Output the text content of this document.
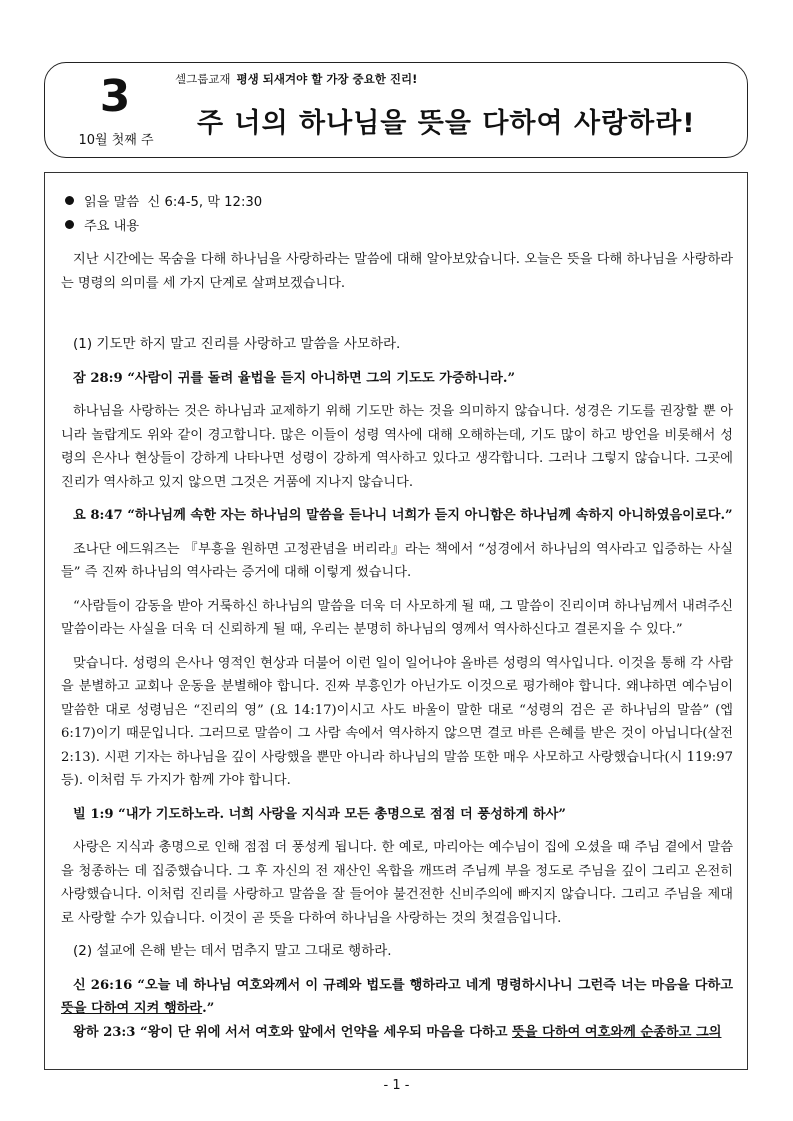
3
10월 첫째 주
셀그룹교재 평생 되새겨야 할 가장 중요한 진리!
주 너의 하나님을 뜻을 다하여 사랑하라!

읽을 말씀 신 6:4-5, 막 12:30

주요 내용

지난 시간에는 목숨을 다해 하나님을 사랑하라는 말씀에 대해 알아보았습니다. 오늘은 뜻을 다해 하나님을 사랑하라는 명령의 의미를 세 가지 단계로 살펴보겠습니다.

(1) 기도만 하지 말고 진리를 사랑하고 말씀을 사모하라.

잠 28:9 “사람이 귀를 돌려 율법을 듣지 아니하면 그의 기도도 가증하니라.”

하나님을 사랑하는 것은 하나님과 교제하기 위해 기도만 하는 것을 의미하지 않습니다. 성경은 기도를 권장할 뿐 아니라 놀랍게도 위와 같이 경고합니다. 많은 이들이 성령 역사에 대해 오해하는데, 기도 많이 하고 방언을 비롯해서 성령의 은사나 현상들이 강하게 나타나면 성령이 강하게 역사하고 있다고 생각합니다. 그러나 그렇지 않습니다. 그곳에 진리가 역사하고 있지 않으면 그것은 거품에 지나지 않습니다.

요 8:47 “하나님께 속한 자는 하나님의 말씀을 듣나니 너희가 듣지 아니함은 하나님께 속하지 아니하였음이로다.”

조나단 에드워즈는 『부흥을 원하면 고정관념을 버리라』라는 책에서 “성경에서 하나님의 역사라고 입증하는 사실들” 즉 진짜 하나님의 역사라는 증거에 대해 이렇게 썼습니다.

“사람들이 감동을 받아 거룩하신 하나님의 말씀을 더욱 더 사모하게 될 때, 그 말씀이 진리이며 하나님께서 내려주신 말씀이라는 사실을 더욱 더 신뢰하게 될 때, 우리는 분명히 하나님의 영께서 역사하신다고 결론지을 수 있다.”

맞습니다. 성령의 은사나 영적인 현상과 더불어 이런 일이 일어나야 올바른 성령의 역사입니다. 이것을 통해 각 사람을 분별하고 교회나 운동을 분별해야 합니다. 진짜 부흥인가 아닌가도 이것으로 평가해야 합니다. 왜냐하면 예수님이 말씀한 대로 성령님은 “진리의 영” (요 14:17)이시고 사도 바울이 말한 대로 “성령의 검은 곧 하나님의 말씀” (엡 6:17)이기 때문입니다. 그러므로 말씀이 그 사람 속에서 역사하지 않으면 결코 바른 은혜를 받은 것이 아닙니다(살전 2:13). 시편 기자는 하나님을 깊이 사랑했을 뿐만 아니라 하나님의 말씀 또한 매우 사모하고 사랑했습니다(시 119:97 등). 이처럼 두 가지가 함께 가야 합니다.

빌 1:9 “내가 기도하노라. 너희 사랑을 지식과 모든 총명으로 점점 더 풍성하게 하사”

사랑은 지식과 총명으로 인해 점점 더 풍성케 됩니다. 한 예로, 마리아는 예수님이 집에 오셨을 때 주님 곁에서 말씀을 청종하는 데 집중했습니다. 그 후 자신의 전 재산인 옥합을 깨뜨려 주님께 부을 정도로 주님을 깊이 그리고 온전히 사랑했습니다. 이처럼 진리를 사랑하고 말씀을 잘 들어야 불건전한 신비주의에 빠지지 않습니다. 그리고 주님을 제대로 사랑할 수가 있습니다. 이것이 곧 뜻을 다하여 하나님을 사랑하는 것의 첫걸음입니다.

(2) 설교에 은해 받는 데서 멈추지 말고 그대로 행하라.

신 26:16 “오늘 네 하나님 여호와께서 이 규례와 법도를 행하라고 네게 명령하시나니 그런즉 너는 마음을 다하고 뜻을 다하여 지켜 행하라.”

왕하 23:3 “왕이 단 위에 서서 여호와 앞에서 언약을 세우되 마음을 다하고 뜻을 다하여 여호와께 순종하고 그의

- 1 -
